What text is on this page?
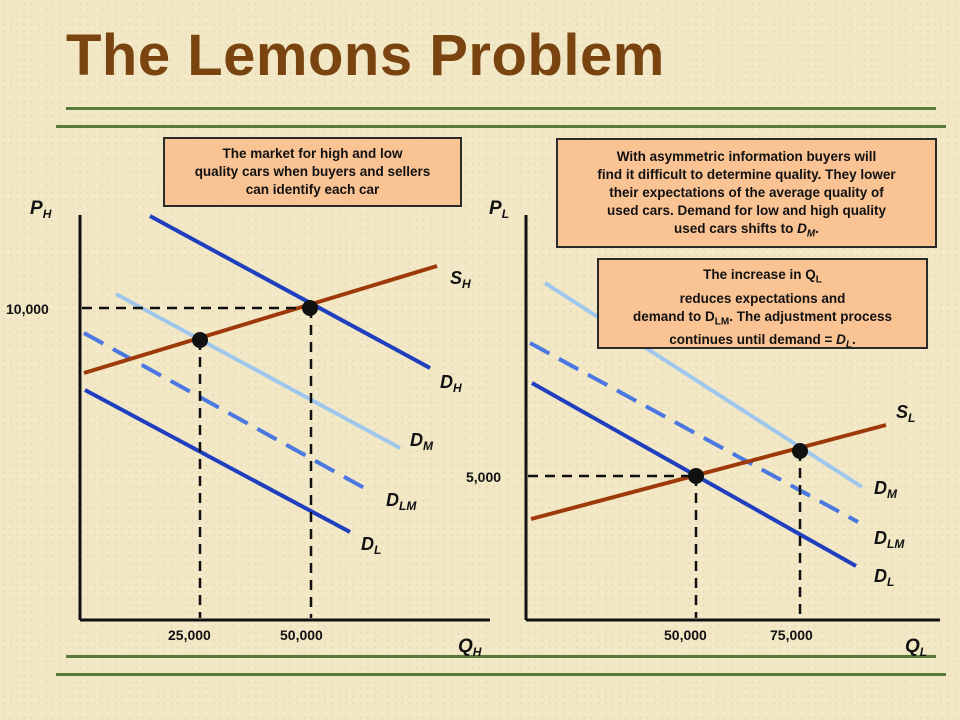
The Lemons Problem
$P_H$
$Q_H$
10,000
25,000	50,000
$S_H$
$D_H$
$D_M$
$D_{LM}$
$D_L$
$P_L$
$Q_L$
5,000
50,000	75,000
$S_L$
$D_M$
$D_{LM}$
$D_L$
The market for high and low
quality cars when buyers and sellers
can identify each car
With asymmetric information buyers will
find it difficult to determine quality. They lower
their expectations of the average quality of
used cars. Demand for low and high quality
used cars shifts to $D_M$.
The increase in $Q_L$
reduces expectations and
demand to $D_{LM}$. The adjustment process
continues until demand = $D_L$.
